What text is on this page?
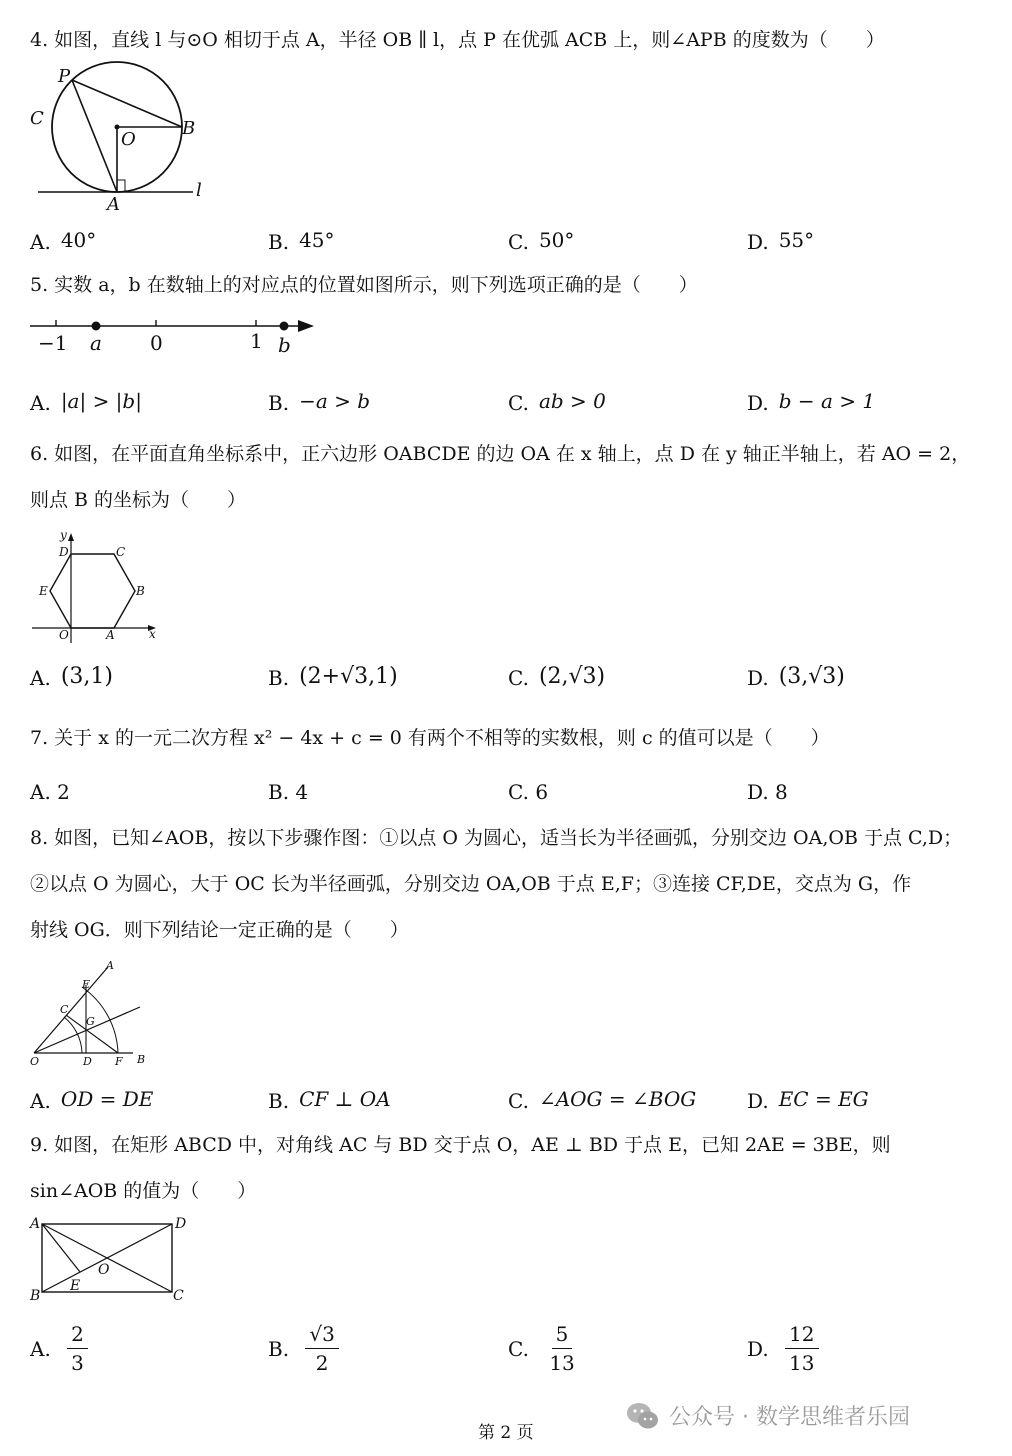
4. 如图，直线 l 与⊙O 相切于点 A，半径 OB ∥ l，点 P 在优弧 ACB 上，则∠APB 的度数为（　　）
P
C
O
B
A
l
A. 40°	B. 45°	C. 50°	D. 55°
5. 实数 a，b 在数轴上的对应点的位置如图所示，则下列选项正确的是（　　）
−1 a 0	1 b
A. |a| > |b|	B. −a > b	C. ab > 0	D. b − a > 1
6. 如图，在平面直角坐标系中，正六边形 OABCDE 的边 OA 在 x 轴上，点 D 在 y 轴正半轴上，若 AO = 2，
则点 B 的坐标为（　　）
y
D	C
E	B
O	A	x
A. (3,1)	B. (2+√3,1)	C. (2,√3)	D. (3,√3)
7. 关于 x 的一元二次方程 x² − 4x + c = 0 有两个不相等的实数根，则 c 的值可以是（　　）
A. 2	B. 4	C. 6	D. 8
8. 如图，已知∠AOB，按以下步骤作图：①以点 O 为圆心，适当长为半径画弧，分别交边 OA,OB 于点 C,D；
②以点 O 为圆心，大于 OC 长为半径画弧，分别交边 OA,OB 于点 E,F；③连接 CF,DE，交点为 G，作
射线 OG．则下列结论一定正确的是（　　）
A
E
C
G
O	D F B
A. OD = DE	B. CF ⊥ OA	C. ∠AOG = ∠BOG	D. EC = EG
9. 如图，在矩形 ABCD 中，对角线 AC 与 BD 交于点 O，AE ⊥ BD 于点 E，已知 2AE = 3BE，则
sin∠AOB 的值为（　　）
A	D
O
E
B	C
A. $\frac{2}{3}$	B. $\frac{√3}{2}$	C. $\frac{5}{13}$	D. $\frac{12}{13}$
第 2 页
公众号 · 数学思维者乐园
